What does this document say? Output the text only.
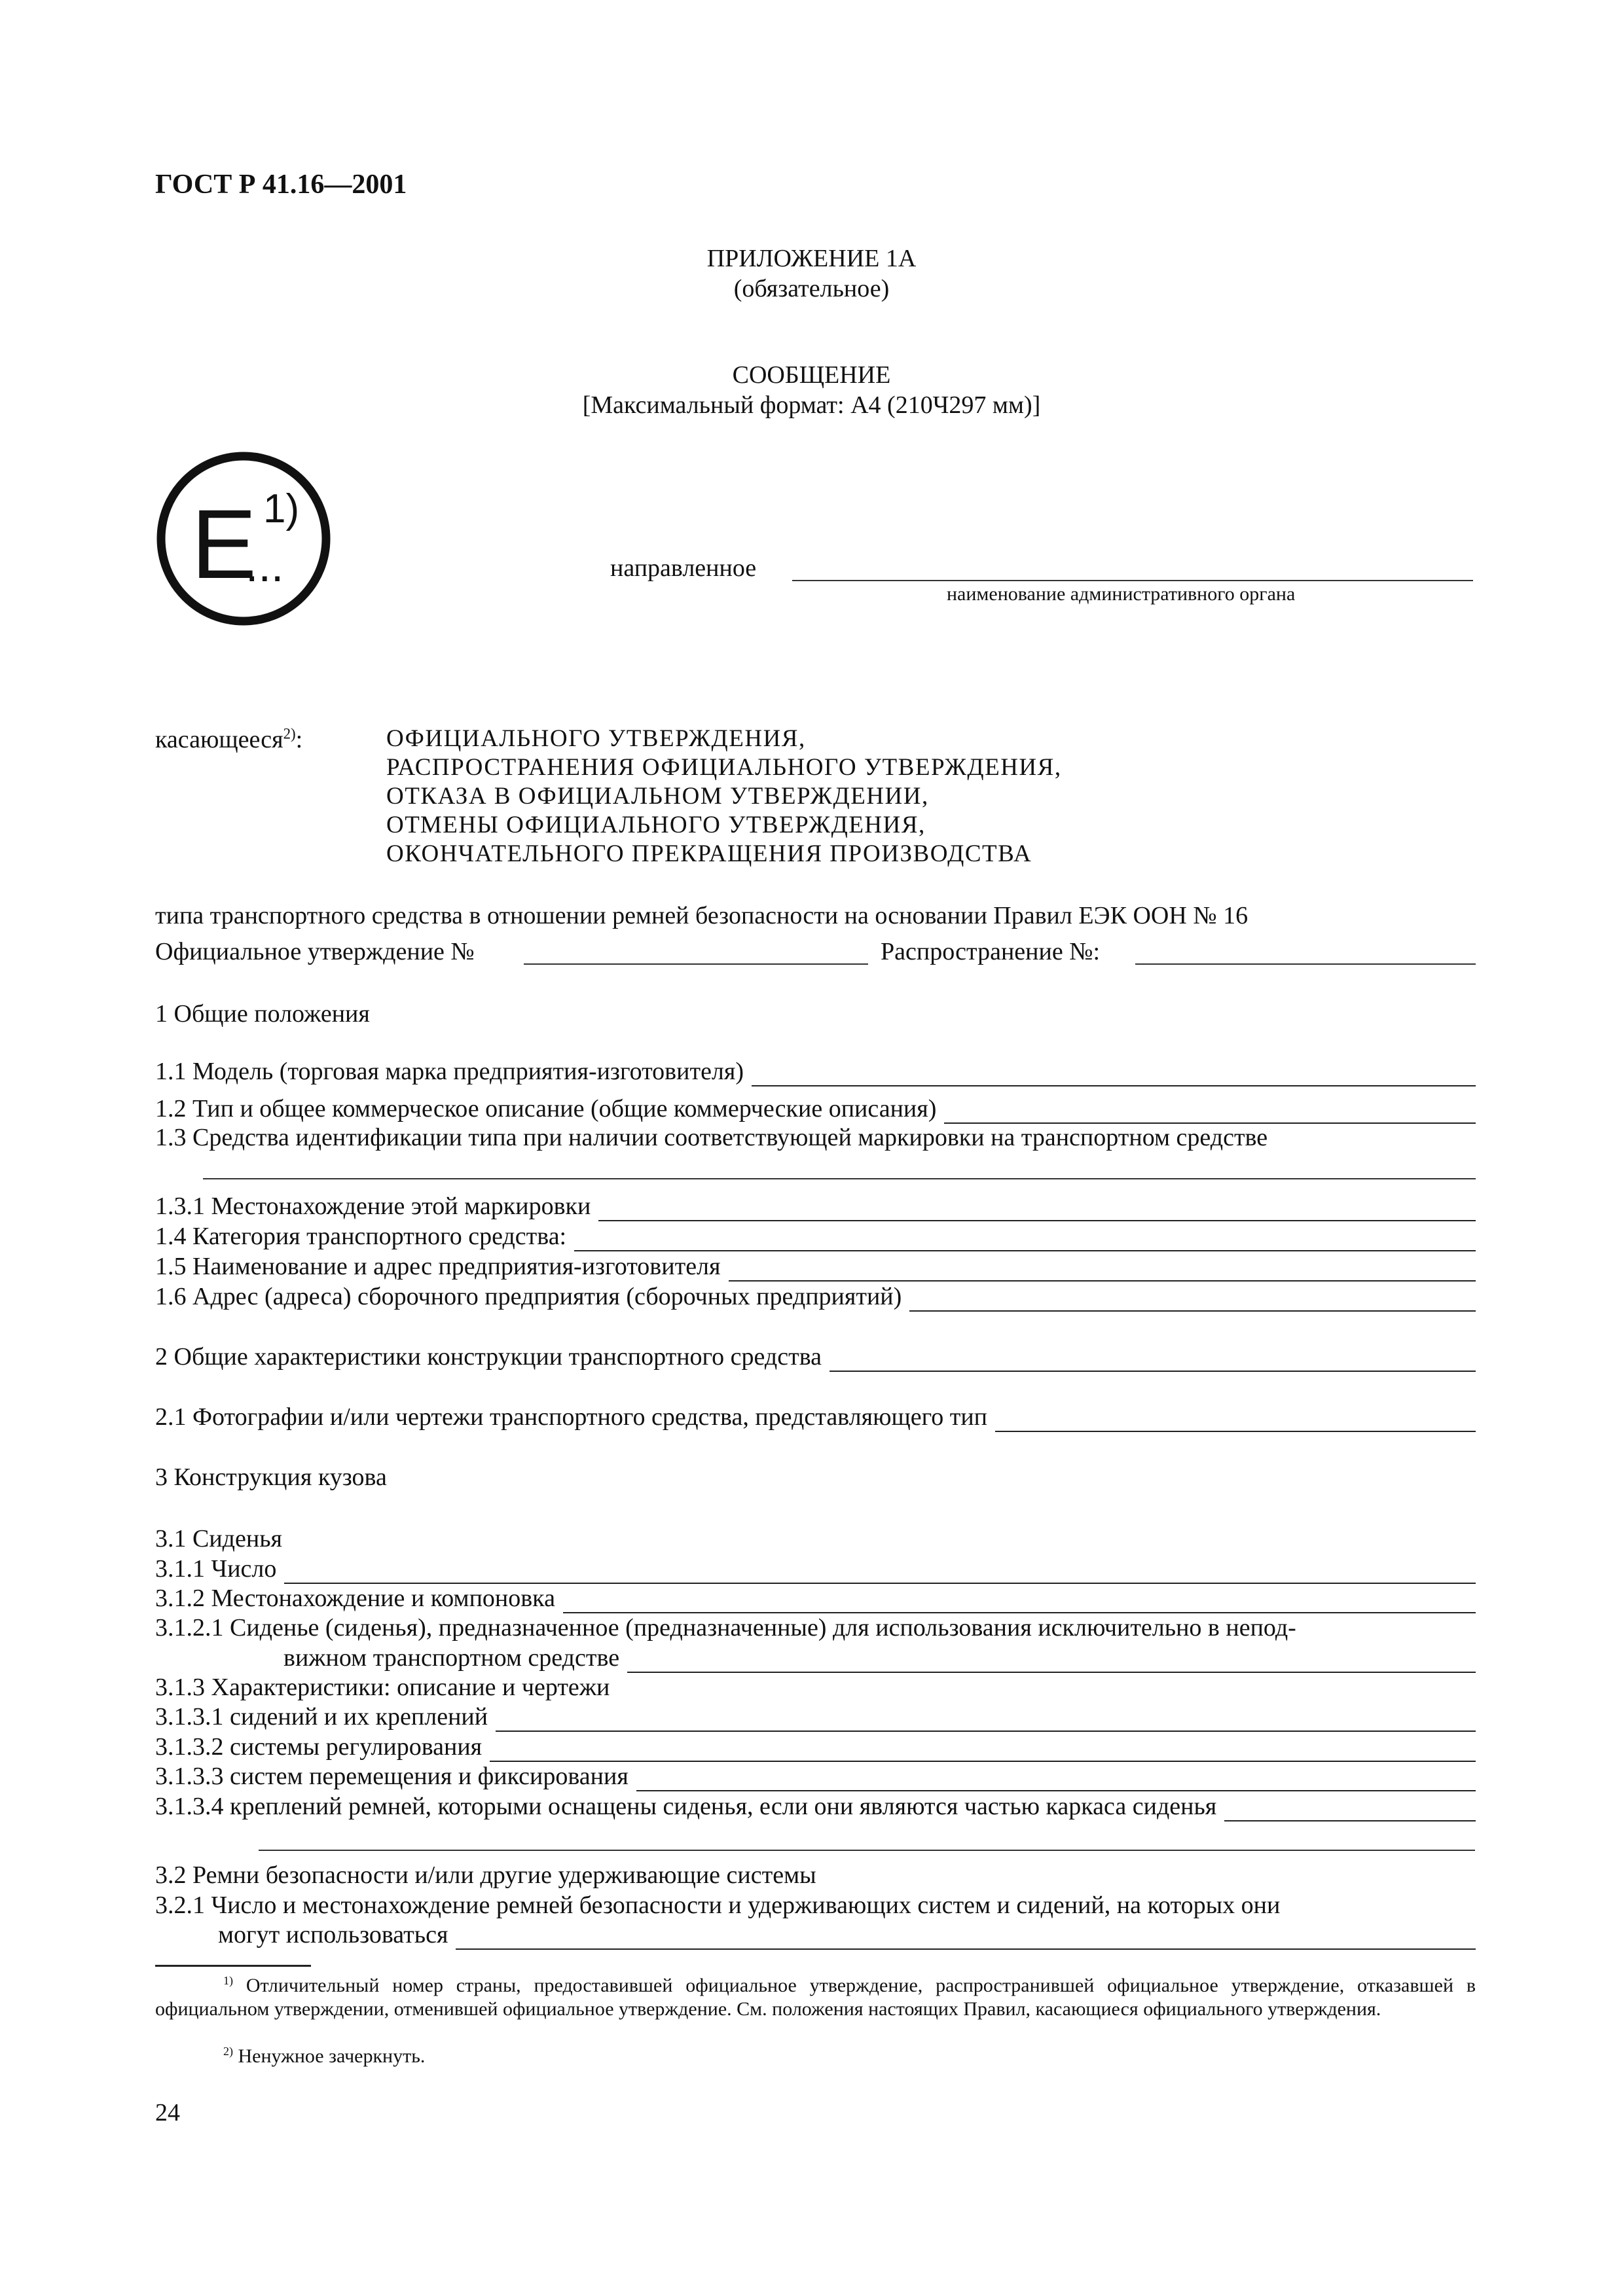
ГОСТ Р 41.16—2001
ПРИЛОЖЕНИЕ 1А
(обязательное)
СООБЩЕНИЕ
[Максимальный формат: А4 (210Ч297 мм)]
E 1)
...	направленное
наименование административного органа
касающееся$^{2)}$:	ОФИЦИАЛЬНОГО УТВЕРЖДЕНИЯ,
РАСПРОСТРАНЕНИЯ ОФИЦИАЛЬНОГО УТВЕРЖДЕНИЯ,
ОТКАЗА В ОФИЦИАЛЬНОМ УТВЕРЖДЕНИИ,
ОТМЕНЫ ОФИЦИАЛЬНОГО УТВЕРЖДЕНИЯ,
ОКОНЧАТЕЛЬНОГО ПРЕКРАЩЕНИЯ ПРОИЗВОДСТВА
типа транспортного средства в отношении ремней безопасности на основании Правил ЕЭК ООН № 16
Официальное утверждение №	Распространение №:
1 Общие положения
1.1 Модель (торговая марка предприятия-изготовителя)
1.2 Тип и общее коммерческое описание (общие коммерческие описания)
1.3 Средства идентификации типа при наличии соответствующей маркировки на транспортном средстве
1.3.1 Местонахождение этой маркировки
1.4 Категория транспортного средства:
1.5 Наименование и адрес предприятия-изготовителя
1.6 Адрес (адреса) сборочного предприятия (сборочных предприятий)
2 Общие характеристики конструкции транспортного средства
2.1 Фотографии и/или чертежи транспортного средства, представляющего тип
3 Конструкция кузова
3.1 Сиденья
3.1.1 Число
3.1.2 Местонахождение и компоновка
3.1.2.1 Сиденье (сиденья), предназначенное (предназначенные) для использования исключительно в непод-
вижном транспортном средстве
3.1.3 Характеристики: описание и чертежи
3.1.3.1 сидений и их креплений
3.1.3.2 системы регулирования
3.1.3.3 систем перемещения и фиксирования
3.1.3.4 креплений ремней, которыми оснащены сиденья, если они являются частью каркаса сиденья
3.2 Ремни безопасности и/или другие удерживающие системы
3.2.1 Число и местонахождение ремней безопасности и удерживающих систем и сидений, на которых они
могут использоваться
$^{1)}$ Отличительный номер страны, предоставившей официальное утверждение, распространившей официальное утверждение, отказавшей в официальном утверждении, отменившей официальное утверждение. См. положения настоящих Правил, касающиеся официального утверждения.
$^{2)}$ Ненужное зачеркнуть.
24
